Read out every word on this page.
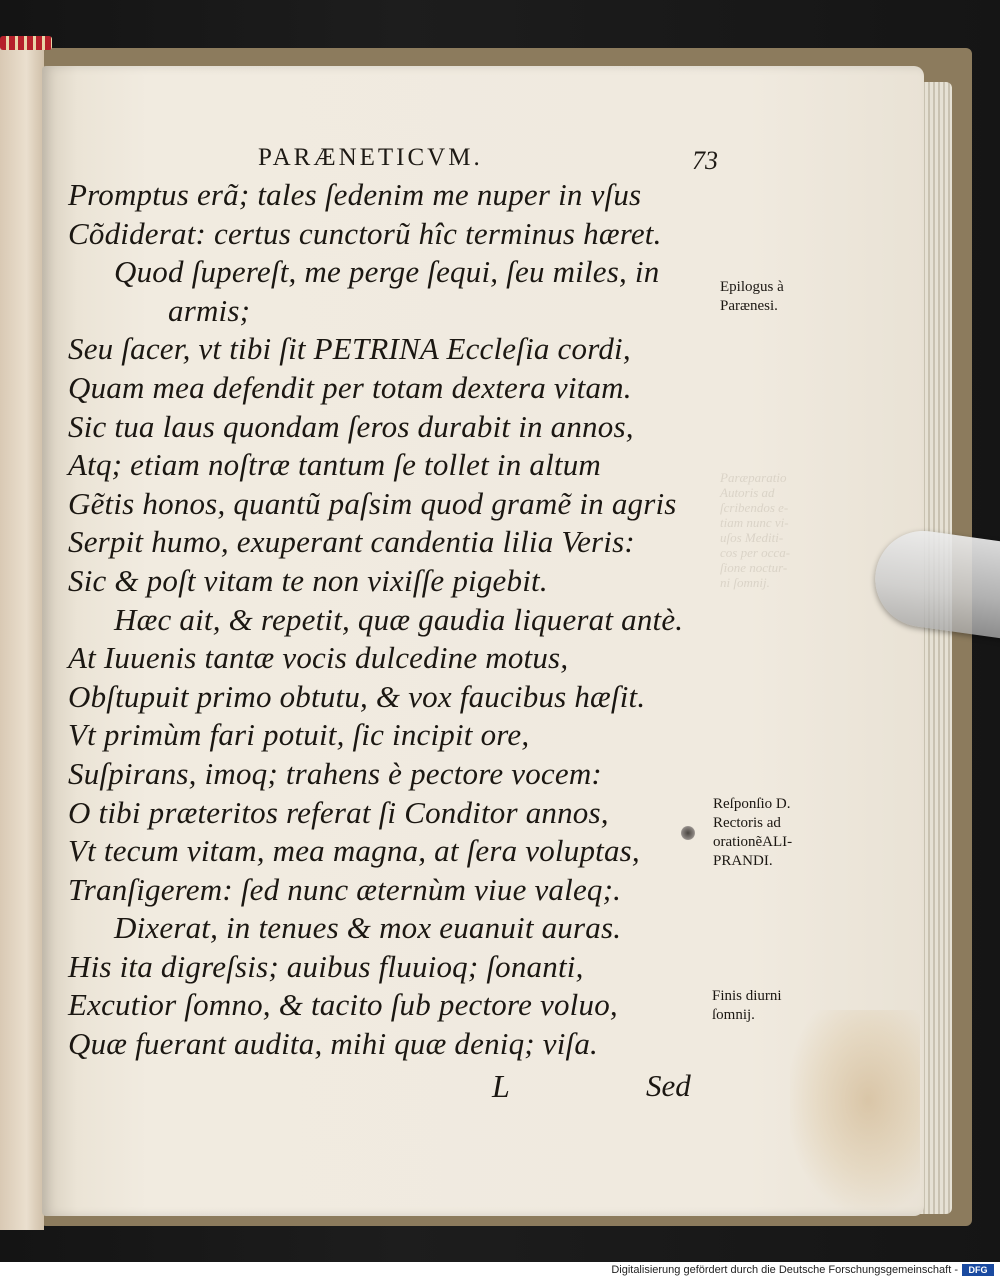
Paræparatio
Autoris ad
ſcribendos e-
tiam nunc vi-
uſos Mediti-
cos per occa-
ſione noctur-
ni ſomnij.
PARÆNETICVM.	73
Promptus erã; tales ſedenim me nuper in vſus
Cõdiderat: certus cunctorũ hîc terminus hæret.
Quod ſupereſt, me perge ſequi, ſeu miles, in
armis;
Seu ſacer, vt tibi ſit PETRINA Eccleſia cordi,
Quam mea defendit per totam dextera vitam.
Sic tua laus quondam ſeros durabit in annos,
Atq; etiam noſtræ tantum ſe tollet in altum
Gẽtis honos, quantũ paſsim quod gramẽ in agris
Serpit humo, exuperant candentia lilia Veris:
Sic & poſt vitam te non vixiſſe pigebit.
Hæc ait, & repetit, quæ gaudia liquerat antè.
At Iuuenis tantæ vocis dulcedine motus,
Obſtupuit primo obtutu, & vox faucibus hæſit.
Vt primùm fari potuit, ſic incipit ore,
Suſpirans, imoq; trahens è pectore vocem:
O tibi præteritos referat ſi Conditor annos,
Vt tecum vitam, mea magna, at ſera voluptas,
Tranſigerem: ſed nunc æternùm viue valeq;.
Dixerat, in tenues & mox euanuit auras.
His ita digreſsis; auibus fluuioq; ſonanti,
Excutior ſomno, & tacito ſub pectore voluo,
Quæ fuerant audita, mihi quæ deniq; viſa.
L	Sed
Epilogus à
Parænesi.
Reſponſio D.
Rectoris ad
orationẽALI-
PRANDI.
Finis diurni
ſomnij.
Digitalisierung gefördert durch die Deutsche Forschungsgemeinschaft -	DFG
